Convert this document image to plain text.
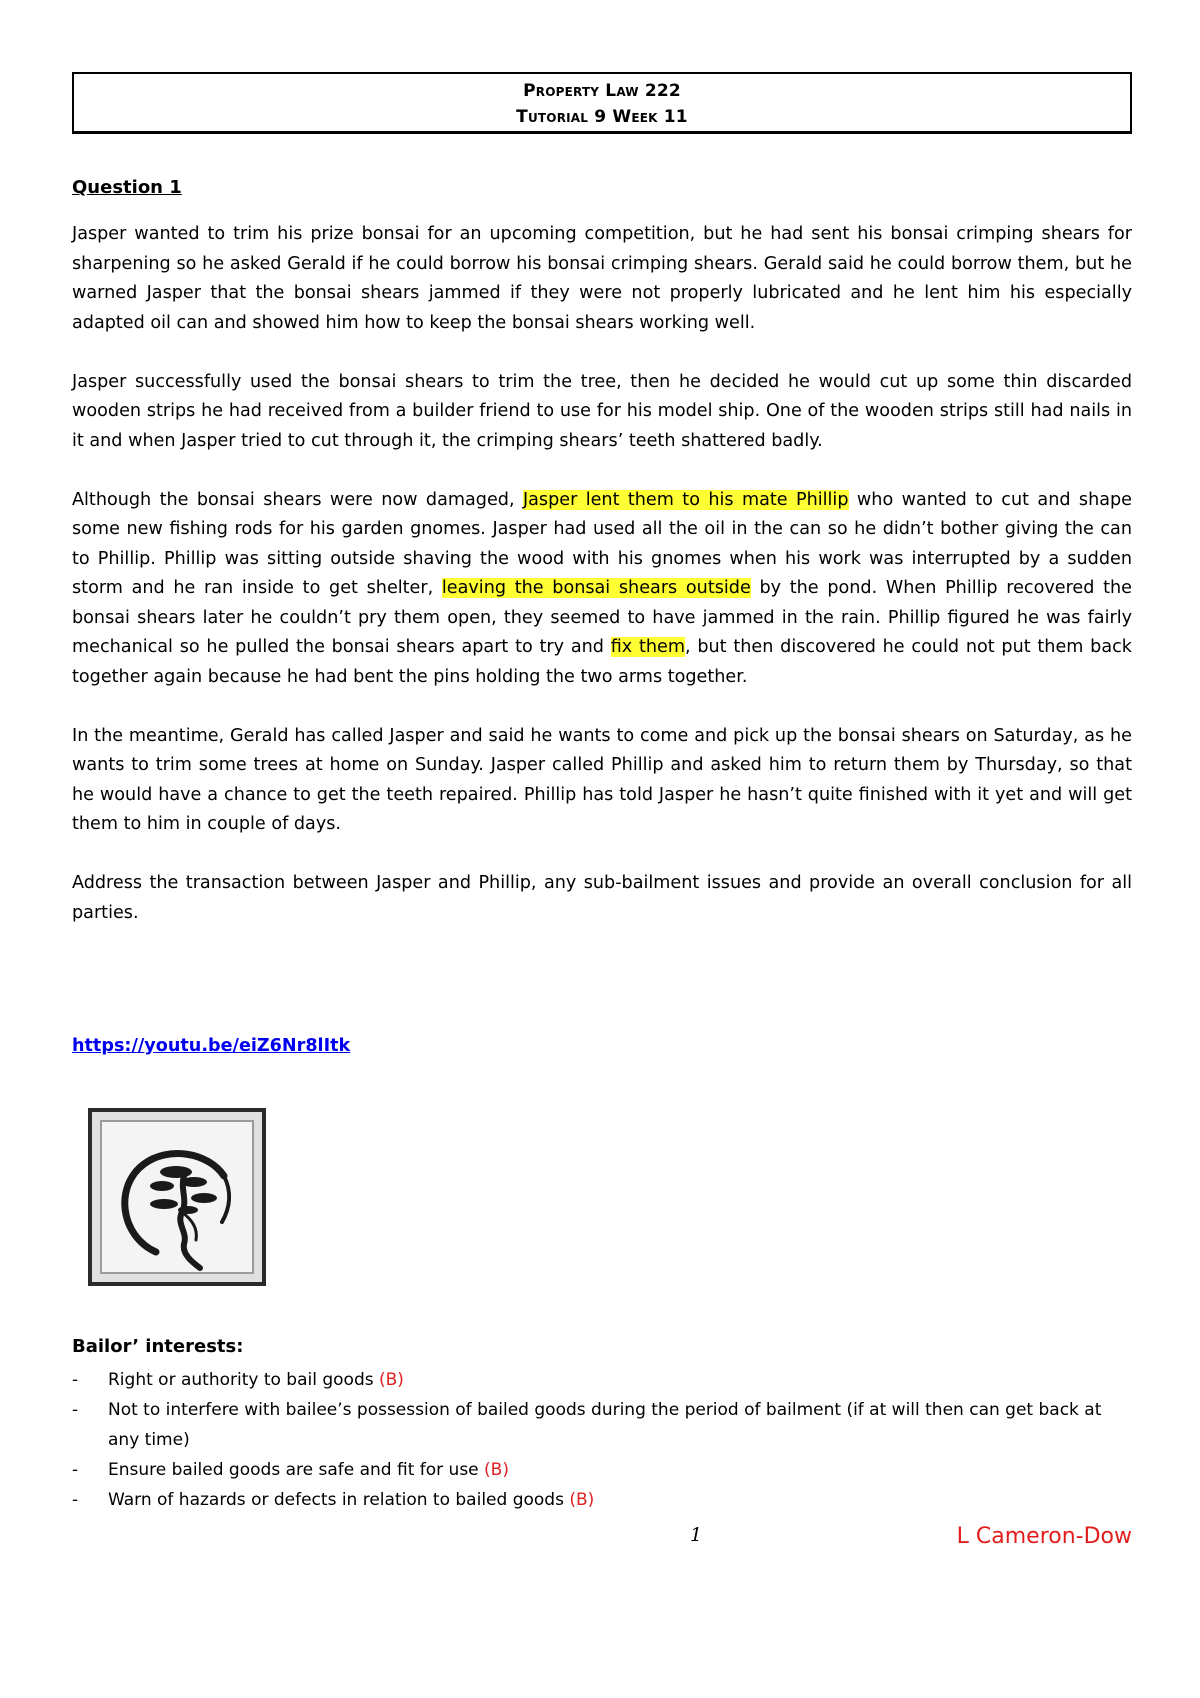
Property Law 222
Tutorial 9 Week 11
Question 1

Jasper wanted to trim his prize bonsai for an upcoming competition, but he had sent his bonsai crimping shears for sharpening so he asked Gerald if he could borrow his bonsai crimping shears. Gerald said he could borrow them, but he warned Jasper that the bonsai shears jammed if they were not properly lubricated and he lent him his especially adapted oil can and showed him how to keep the bonsai shears working well.

Jasper successfully used the bonsai shears to trim the tree, then he decided he would cut up some thin discarded wooden strips he had received from a builder friend to use for his model ship. One of the wooden strips still had nails in it and when Jasper tried to cut through it, the crimping shears’ teeth shattered badly.

Although the bonsai shears were now damaged, Jasper lent them to his mate Phillip who wanted to cut and shape some new fishing rods for his garden gnomes. Jasper had used all the oil in the can so he didn’t bother giving the can to Phillip. Phillip was sitting outside shaving the wood with his gnomes when his work was interrupted by a sudden storm and he ran inside to get shelter, leaving the bonsai shears outside by the pond. When Phillip recovered the bonsai shears later he couldn’t pry them open, they seemed to have jammed in the rain. Phillip figured he was fairly mechanical so he pulled the bonsai shears apart to try and fix them, but then discovered he could not put them back together again because he had bent the pins holding the two arms together.

In the meantime, Gerald has called Jasper and said he wants to come and pick up the bonsai shears on Saturday, as he wants to trim some trees at home on Sunday. Jasper called Phillip and asked him to return them by Thursday, so that he would have a chance to get the teeth repaired. Phillip has told Jasper he hasn’t quite finished with it yet and will get them to him in couple of days.

Address the transaction between Jasper and Phillip, any sub-bailment issues and provide an overall conclusion for all parties.

https://youtu.be/eiZ6Nr8lItk
Bailor’ interests:
- Right or authority to bail goods (B)
- Not to interfere with bailee’s possession of bailed goods during the period of bailment (if at will then can get back at any time)
- Ensure bailed goods are safe and fit for use (B)
- Warn of hazards or defects in relation to bailed goods (B)
1	L Cameron-Dow
